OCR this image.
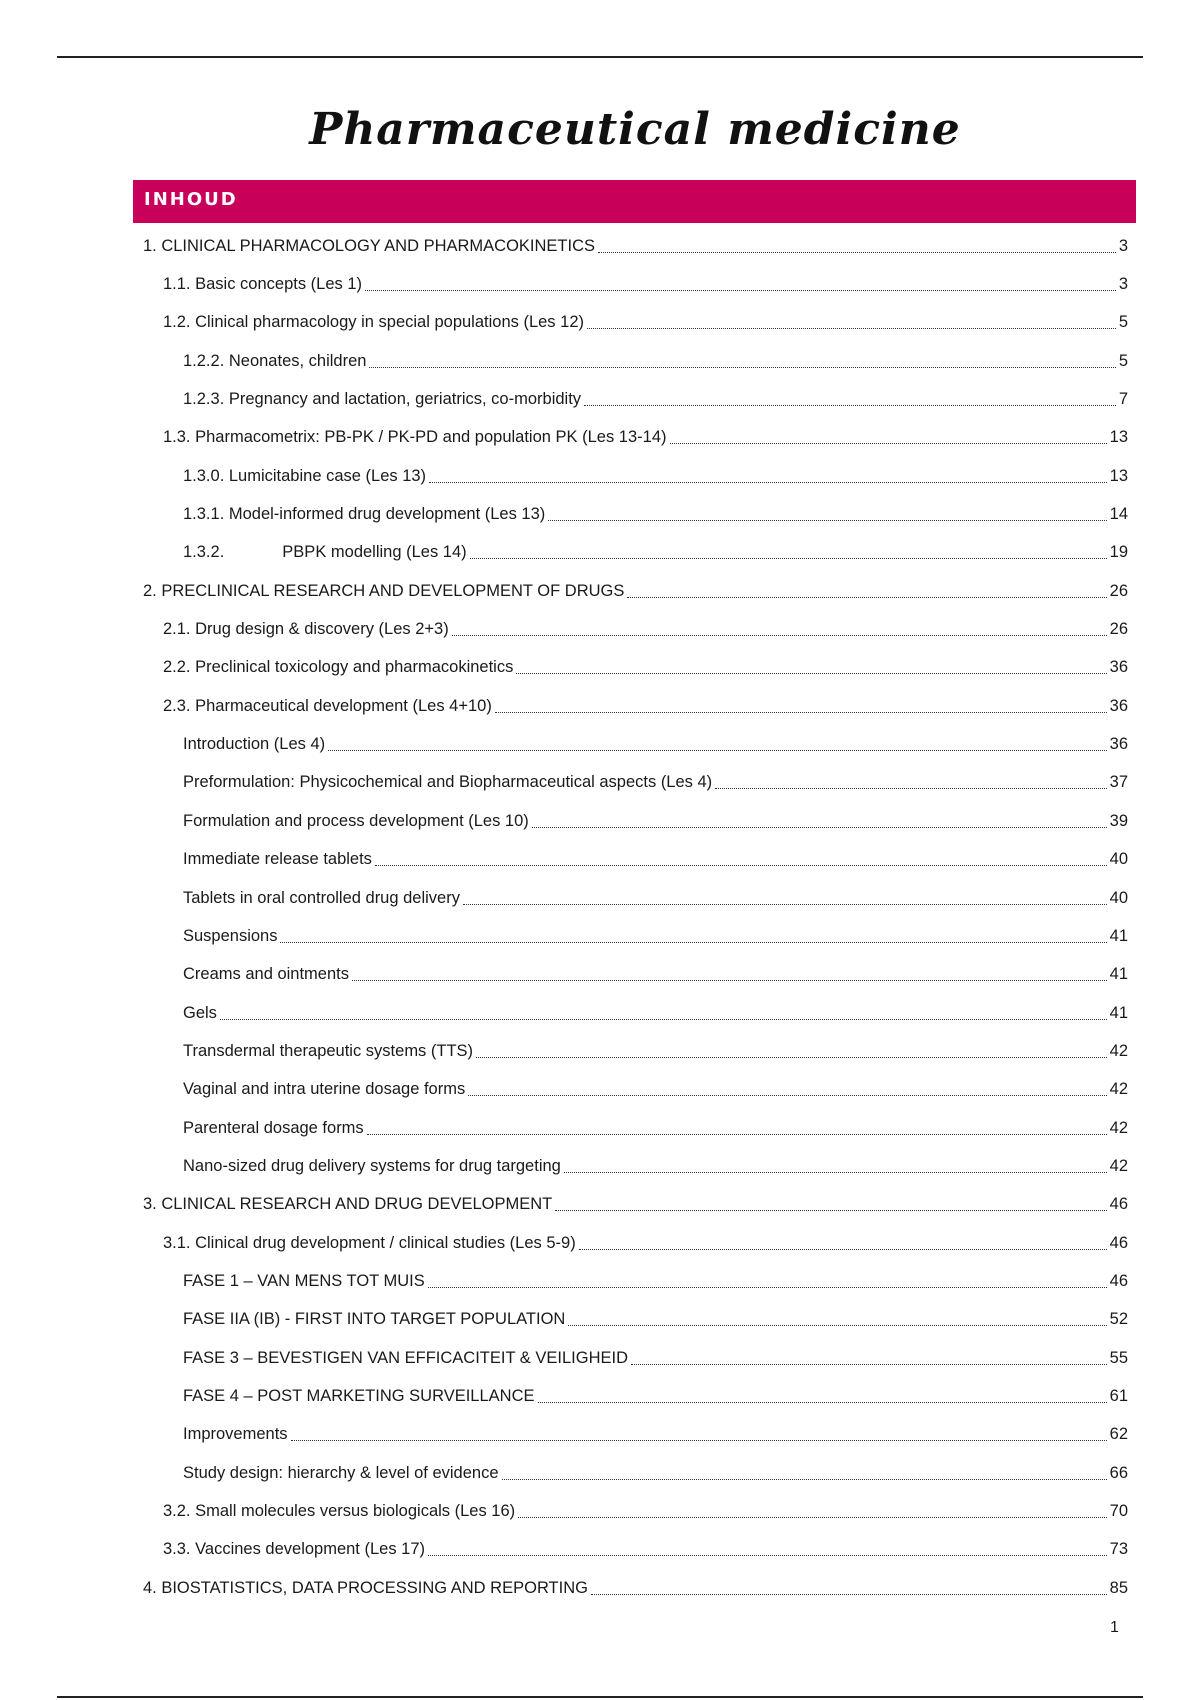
Pharmaceutical medicine
INHOUD
1. CLINICAL PHARMACOLOGY AND PHARMACOKINETICS	3
1.1. Basic concepts (Les 1)	3
1.2. Clinical pharmacology in special populations (Les 12)	5
1.2.2. Neonates, children	5
1.2.3. Pregnancy and lactation, geriatrics, co-morbidity	7
1.3. Pharmacometrix: PB-PK / PK-PD and population PK (Les 13-14)	13
1.3.0. Lumicitabine case (Les 13)	13
1.3.1. Model-informed drug development (Les 13)	14
1.3.2.	PBPK modelling (Les 14)	19
2. PRECLINICAL RESEARCH AND DEVELOPMENT OF DRUGS	26
2.1. Drug design & discovery (Les 2+3)	26
2.2. Preclinical toxicology and pharmacokinetics	36
2.3. Pharmaceutical development (Les 4+10)	36
Introduction (Les 4)	36
Preformulation: Physicochemical and Biopharmaceutical aspects (Les 4)	37
Formulation and process development (Les 10)	39
Immediate release tablets	40
Tablets in oral controlled drug delivery	40
Suspensions	41
Creams and ointments	41
Gels	41
Transdermal therapeutic systems (TTS)	42
Vaginal and intra uterine dosage forms	42
Parenteral dosage forms	42
Nano-sized drug delivery systems for drug targeting	42
3. CLINICAL RESEARCH AND DRUG DEVELOPMENT	46
3.1. Clinical drug development / clinical studies (Les 5-9)	46
FASE 1 – VAN MENS TOT MUIS	46
FASE IIA (IB) - FIRST INTO TARGET POPULATION	52
FASE 3 – BEVESTIGEN VAN EFFICACITEIT & VEILIGHEID	55
FASE 4 – POST MARKETING SURVEILLANCE	61
Improvements	62
Study design: hierarchy & level of evidence	66
3.2. Small molecules versus biologicals (Les 16)	70
3.3. Vaccines development (Les 17)	73
4. BIOSTATISTICS, DATA PROCESSING AND REPORTING	85
1
